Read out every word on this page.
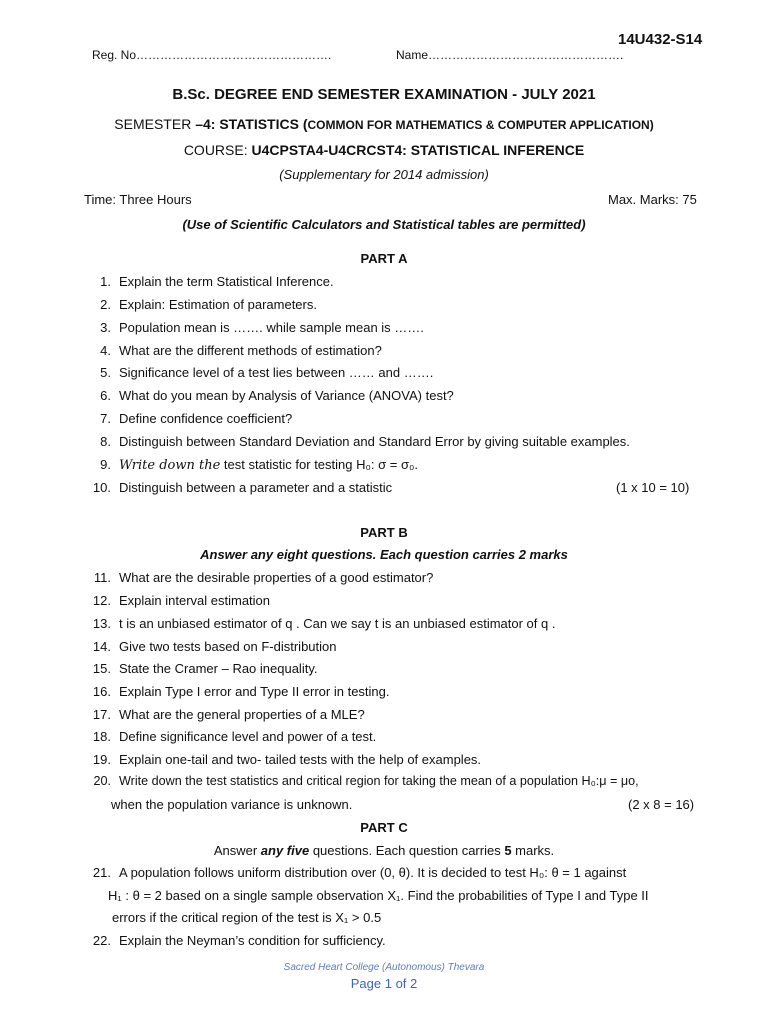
14U432-S14
Reg. No………………………………………….	Name………………………………………….
B.Sc. DEGREE END SEMESTER EXAMINATION - JULY 2021
SEMESTER –4: STATISTICS (COMMON FOR MATHEMATICS & COMPUTER APPLICATION)
COURSE: U4CPSTA4-U4CRCST4: STATISTICAL INFERENCE
(Supplementary for 2014 admission)
Time: Three Hours	Max. Marks: 75
(Use of Scientific Calculators and Statistical tables are permitted)
PART A
1. Explain the term Statistical Inference.
2. Explain: Estimation of parameters.
3. Population mean is ……. while sample mean is …….
4. What are the different methods of estimation?
5. Significance level of a test lies between …… and …….
6. What do you mean by Analysis of Variance (ANOVA) test?
7. Define confidence coefficient?
8. Distinguish between Standard Deviation and Standard Error by giving suitable examples.
9. Write down the test statistic for testing H₀: σ = σ₀.
10. Distinguish between a parameter and a statistic	(1 x 10 = 10)
PART B
Answer any eight questions. Each question carries 2 marks
11. What are the desirable properties of a good estimator?
12. Explain interval estimation
13. t is an unbiased estimator of q . Can we say t is an unbiased estimator of q .
14. Give two tests based on F-distribution
15. State the Cramer – Rao inequality.
16. Explain Type I error and Type II error in testing.
17. What are the general properties of a MLE?
18. Define significance level and power of a test.
19. Explain one-tail and two- tailed tests with the help of examples.
20. Write down the test statistics and critical region for taking the mean of a population H₀:μ = μo,
when the population variance is unknown.	(2 x 8 = 16)
PART C
Answer any five questions. Each question carries 5 marks.
21. A population follows uniform distribution over (0, θ). It is decided to test H₀: θ = 1 against
H₁ : θ = 2 based on a single sample observation X₁. Find the probabilities of Type I and Type II
errors if the critical region of the test is X₁ > 0.5
22. Explain the Neyman’s condition for sufficiency.
Sacred Heart College (Autonomous) Thevara
Page 1 of 2
